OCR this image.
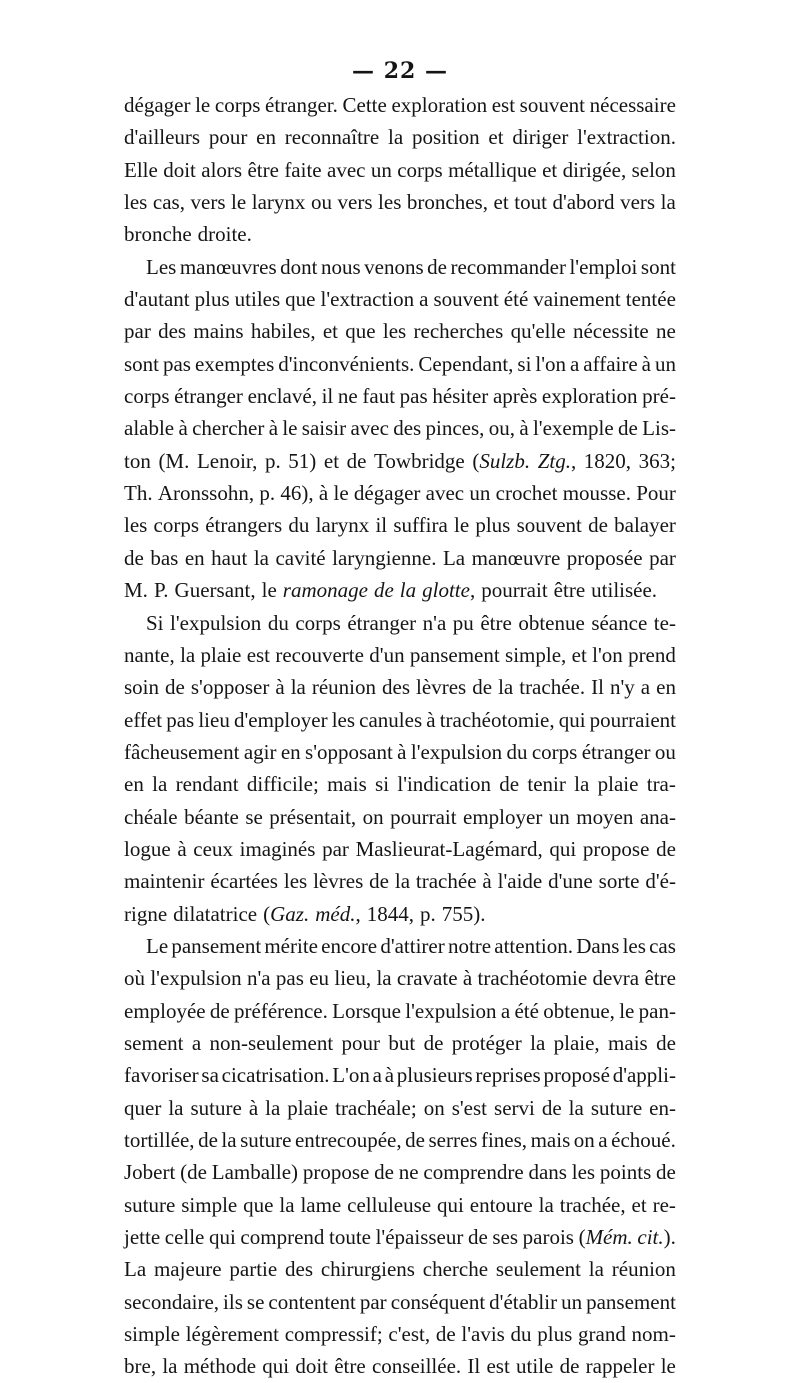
— 22 —
dégager le corps étranger. Cette exploration est souvent nécessaire
d'ailleurs pour en reconnaître la position et diriger l'extraction.
Elle doit alors être faite avec un corps métallique et dirigée, selon
les cas, vers le larynx ou vers les bronches, et tout d'abord vers la
bronche droite.
Les manœuvres dont nous venons de recommander l'emploi sont
d'autant plus utiles que l'extraction a souvent été vainement tentée
par des mains habiles, et que les recherches qu'elle nécessite ne
sont pas exemptes d'inconvénients. Cependant, si l'on a affaire à un
corps étranger enclavé, il ne faut pas hésiter après exploration pré-
alable à chercher à le saisir avec des pinces, ou, à l'exemple de Lis-
ton (M. Lenoir, p. 51) et de Towbridge (Sulzb. Ztg., 1820, 363;
Th. Aronssohn, p. 46), à le dégager avec un crochet mousse. Pour
les corps étrangers du larynx il suffira le plus souvent de balayer
de bas en haut la cavité laryngienne. La manœuvre proposée par
M. P. Guersant, le ramonage de la glotte, pourrait être utilisée.
Si l'expulsion du corps étranger n'a pu être obtenue séance te-
nante, la plaie est recouverte d'un pansement simple, et l'on prend
soin de s'opposer à la réunion des lèvres de la trachée. Il n'y a en
effet pas lieu d'employer les canules à trachéotomie, qui pourraient
fâcheusement agir en s'opposant à l'expulsion du corps étranger ou
en la rendant difficile; mais si l'indication de tenir la plaie tra-
chéale béante se présentait, on pourrait employer un moyen ana-
logue à ceux imaginés par Maslieurat-Lagémard, qui propose de
maintenir écartées les lèvres de la trachée à l'aide d'une sorte d'é-
rigne dilatatrice (Gaz. méd., 1844, p. 755).
Le pansement mérite encore d'attirer notre attention. Dans les cas
où l'expulsion n'a pas eu lieu, la cravate à trachéotomie devra être
employée de préférence. Lorsque l'expulsion a été obtenue, le pan-
sement a non-seulement pour but de protéger la plaie, mais de
favoriser sa cicatrisation. L'on a à plusieurs reprises proposé d'appli-
quer la suture à la plaie trachéale; on s'est servi de la suture en-
tortillée, de la suture entrecoupée, de serres fines, mais on a échoué.
Jobert (de Lamballe) propose de ne comprendre dans les points de
suture simple que la lame celluleuse qui entoure la trachée, et re-
jette celle qui comprend toute l'épaisseur de ses parois (Mém. cit.).
La majeure partie des chirurgiens cherche seulement la réunion
secondaire, ils se contentent par conséquent d'établir un pansement
simple légèrement compressif; c'est, de l'avis du plus grand nom-
bre, la méthode qui doit être conseillée. Il est utile de rappeler le
